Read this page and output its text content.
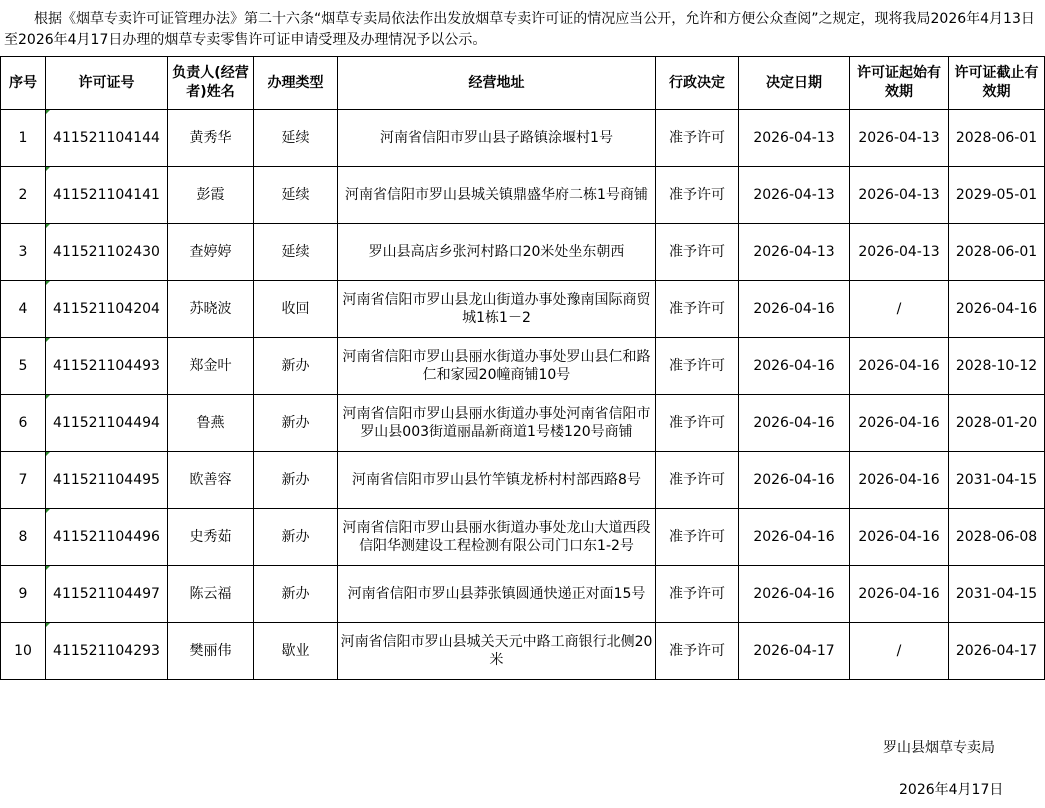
根据《烟草专卖许可证管理办法》第二十六条“烟草专卖局依法作出发放烟草专卖许可证的情况应当公开，允许和方便公众查阅”之规定，现将我局2026年4月13日至2026年4月17日办理的烟草专卖零售许可证申请受理及办理情况予以公示。

序号	许可证号	负责人(经营者)姓名	办理类型	经营地址	行政决定	决定日期	许可证起始有效期	许可证截止有效期
1	411521104144	黄秀华	延续	河南省信阳市罗山县子路镇涂堰村1号	准予许可	2026-04-13	2026-04-13	2028-06-01
2	411521104141	彭霞	延续	河南省信阳市罗山县城关镇鼎盛华府二栋1号商铺	准予许可	2026-04-13	2026-04-13	2029-05-01
3	411521102430	查婷婷	延续	罗山县高店乡张河村路口20米处坐东朝西	准予许可	2026-04-13	2026-04-13	2028-06-01
4	411521104204	苏晓波	收回	河南省信阳市罗山县龙山街道办事处豫南国际商贸城1栋1－2	准予许可	2026-04-16	/	2026-04-16
5	411521104493	郑金叶	新办	河南省信阳市罗山县丽水街道办事处罗山县仁和路仁和家园20幢商铺10号	准予许可	2026-04-16	2026-04-16	2028-10-12
6	411521104494	鲁燕	新办	河南省信阳市罗山县丽水街道办事处河南省信阳市罗山县003街道丽晶新商道1号楼120号商铺	准予许可	2026-04-16	2026-04-16	2028-01-20
7	411521104495	欧善容	新办	河南省信阳市罗山县竹竿镇龙桥村村部西路8号	准予许可	2026-04-16	2026-04-16	2031-04-15
8	411521104496	史秀茹	新办	河南省信阳市罗山县丽水街道办事处龙山大道西段信阳华测建设工程检测有限公司门口东1-2号	准予许可	2026-04-16	2026-04-16	2028-06-08
9	411521104497	陈云福	新办	河南省信阳市罗山县莽张镇圆通快递正对面15号	准予许可	2026-04-16	2026-04-16	2031-04-15
10	411521104293	樊丽伟	歇业	河南省信阳市罗山县城关天元中路工商银行北侧20米	准予许可	2026-04-17	/	2026-04-17
罗山县烟草专卖局
2026年4月17日
